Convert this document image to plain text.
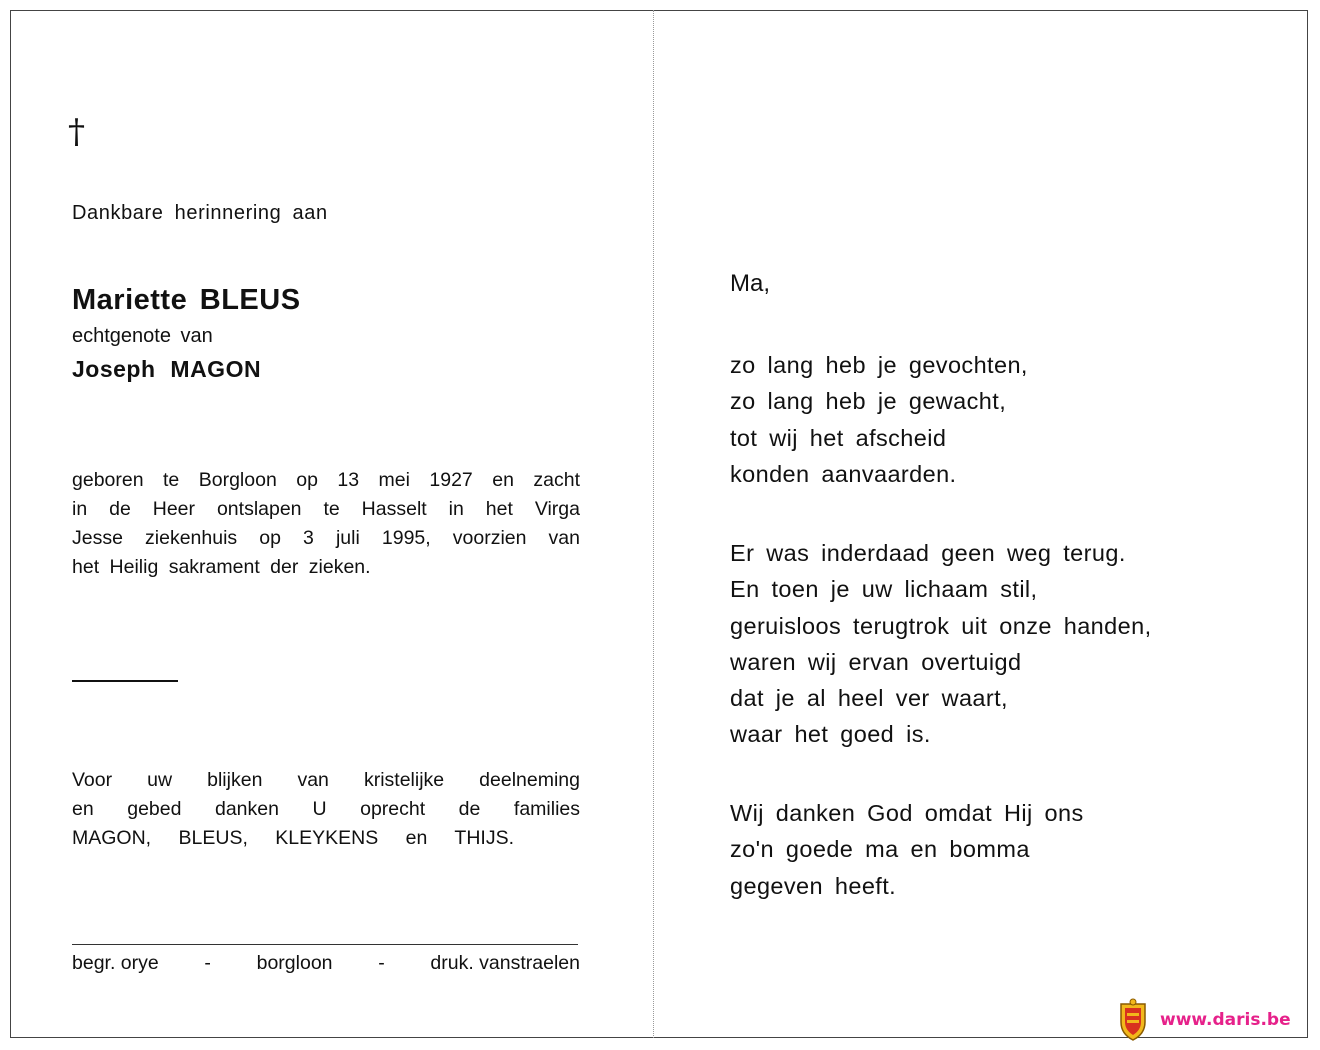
†
Dankbare herinnering aan
Mariette BLEUS
echtgenote van
Joseph MAGON
geboren te Borgloon op 13 mei 1927 en zacht
in de Heer ontslapen te Hasselt in het Virga
Jesse ziekenhuis op 3 juli 1995, voorzien van
het Heilig sakrament der zieken.
Voor uw blijken van kristelijke deelneming
en gebed danken U oprecht de families
MAGON, BLEUS, KLEYKENS en THIJS.
begr. orye - borgloon - druk. vanstraelen
Ma,
zo lang heb je gevochten,
zo lang heb je gewacht,
tot wij het afscheid
konden aanvaarden.
Er was inderdaad geen weg terug.
En toen je uw lichaam stil,
geruisloos terugtrok uit onze handen,
waren wij ervan overtuigd
dat je al heel ver waart,
waar het goed is.
Wij danken God omdat Hij ons
zo'n goede ma en bomma
gegeven heeft.
www.daris.be
